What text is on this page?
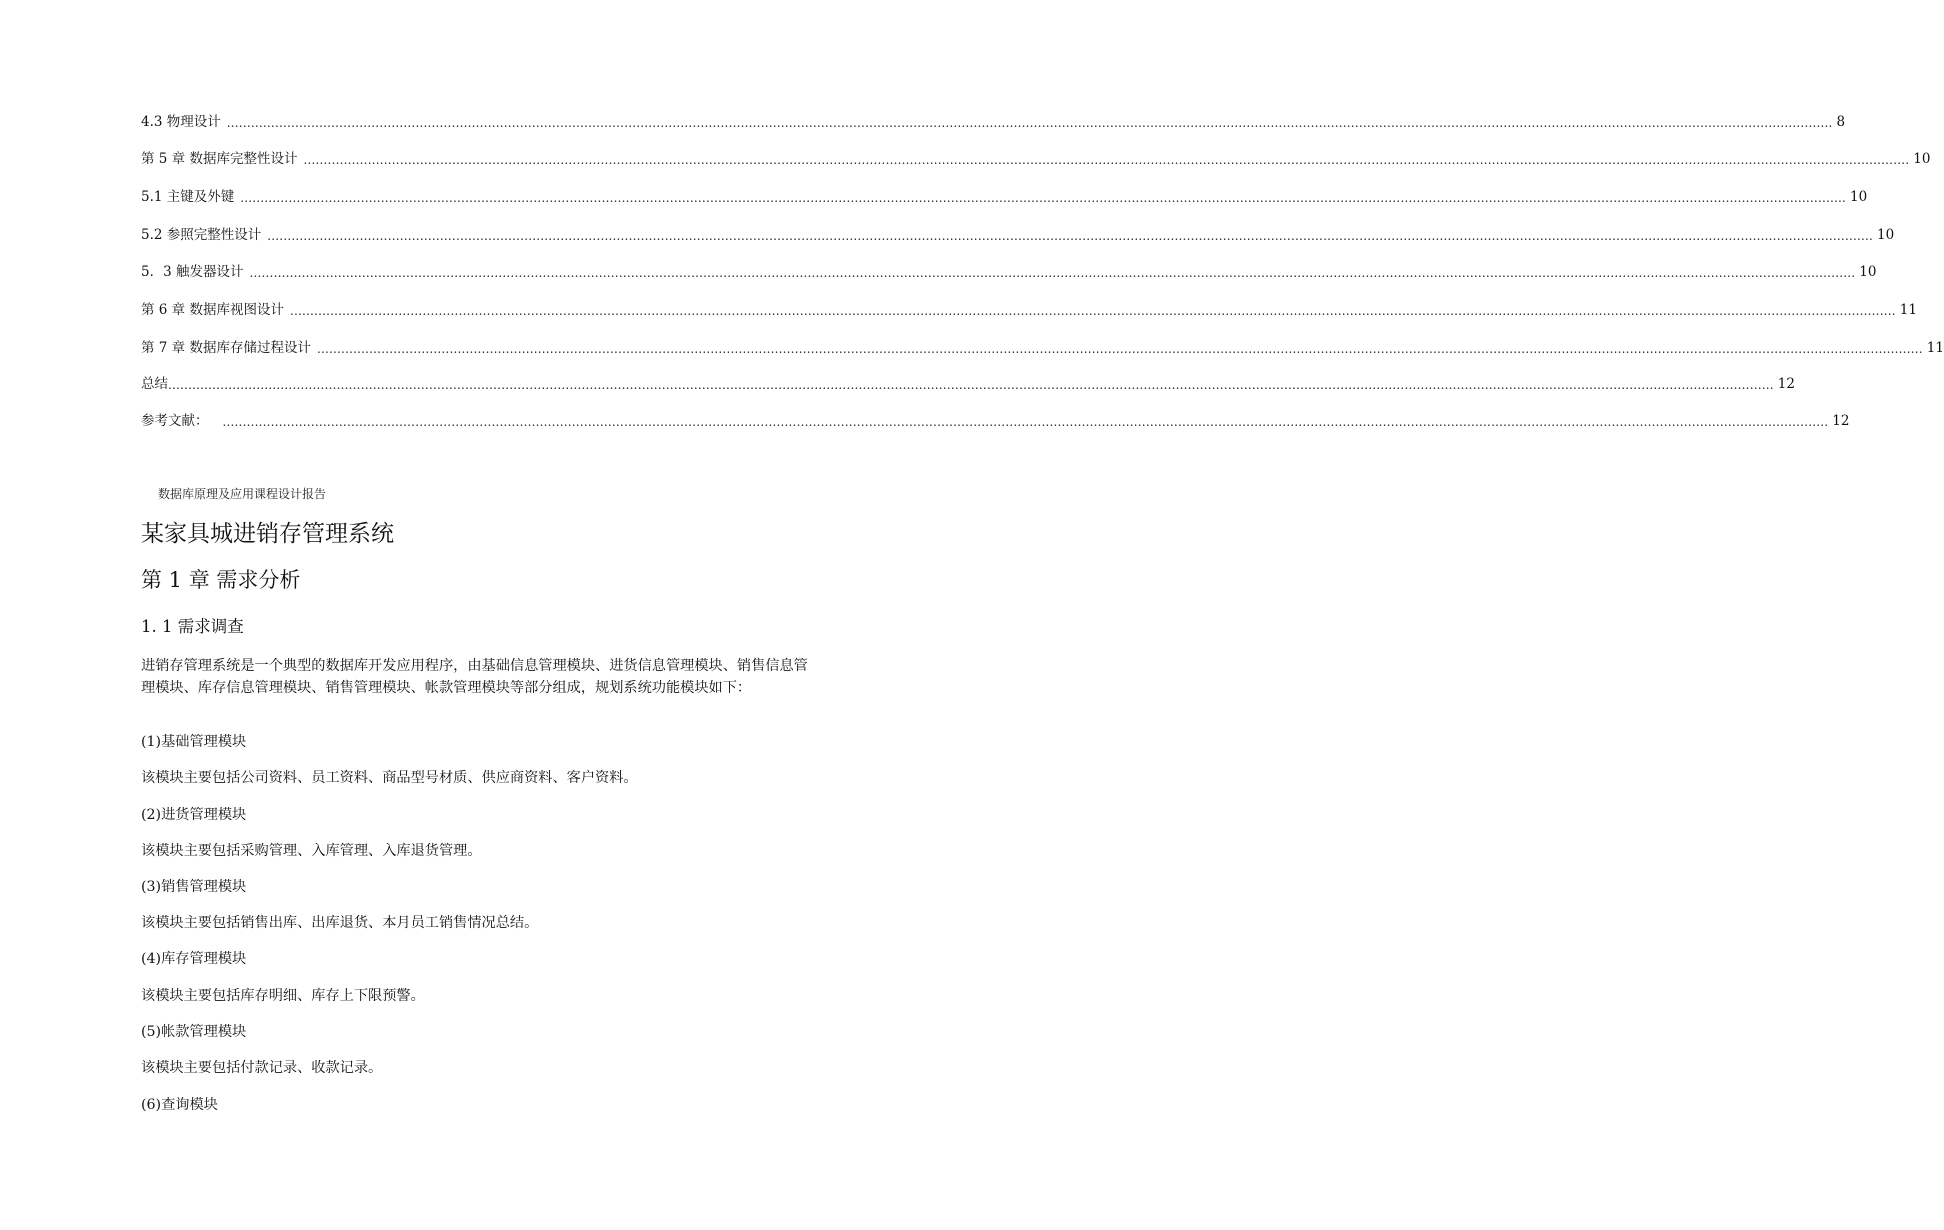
4.3 物理设计 ................................................................................................................................................................................................................................................................................................................................................................................................................ 8
第 5 章 数据库完整性设计 ................................................................................................................................................................................................................................................................................................................................................................................................................ 10
5.1 主键及外键 ................................................................................................................................................................................................................................................................................................................................................................................................................ 10
5.2 参照完整性设计 ................................................................................................................................................................................................................................................................................................................................................................................................................ 10
5．3 触发器设计 ................................................................................................................................................................................................................................................................................................................................................................................................................ 10
第 6 章 数据库视图设计 ................................................................................................................................................................................................................................................................................................................................................................................................................ 11
第 7 章 数据库存储过程设计 ................................................................................................................................................................................................................................................................................................................................................................................................................ 11
总结 ................................................................................................................................................................................................................................................................................................................................................................................................................ 12
参考文献：	................................................................................................................................................................................................................................................................................................................................................................................................................ 12
数据库原理及应用课程设计报告
某家具城进销存管理系统
第 1 章 需求分析
1. 1 需求调查

进销存管理系统是一个典型的数据库开发应用程序，由基础信息管理模块、进货信息管理模块、销售信息管理模块、库存信息管理模块、销售管理模块、帐款管理模块等部分组成，规划系统功能模块如下：

(1)基础管理模块

该模块主要包括公司资料、员工资料、商品型号材质、供应商资料、客户资料。

(2)进货管理模块

该模块主要包括采购管理、入库管理、入库退货管理。

(3)销售管理模块

该模块主要包括销售出库、出库退货、本月员工销售情况总结。

(4)库存管理模块

该模块主要包括库存明细、库存上下限预警。

(5)帐款管理模块

该模块主要包括付款记录、收款记录。

(6)查询模块
